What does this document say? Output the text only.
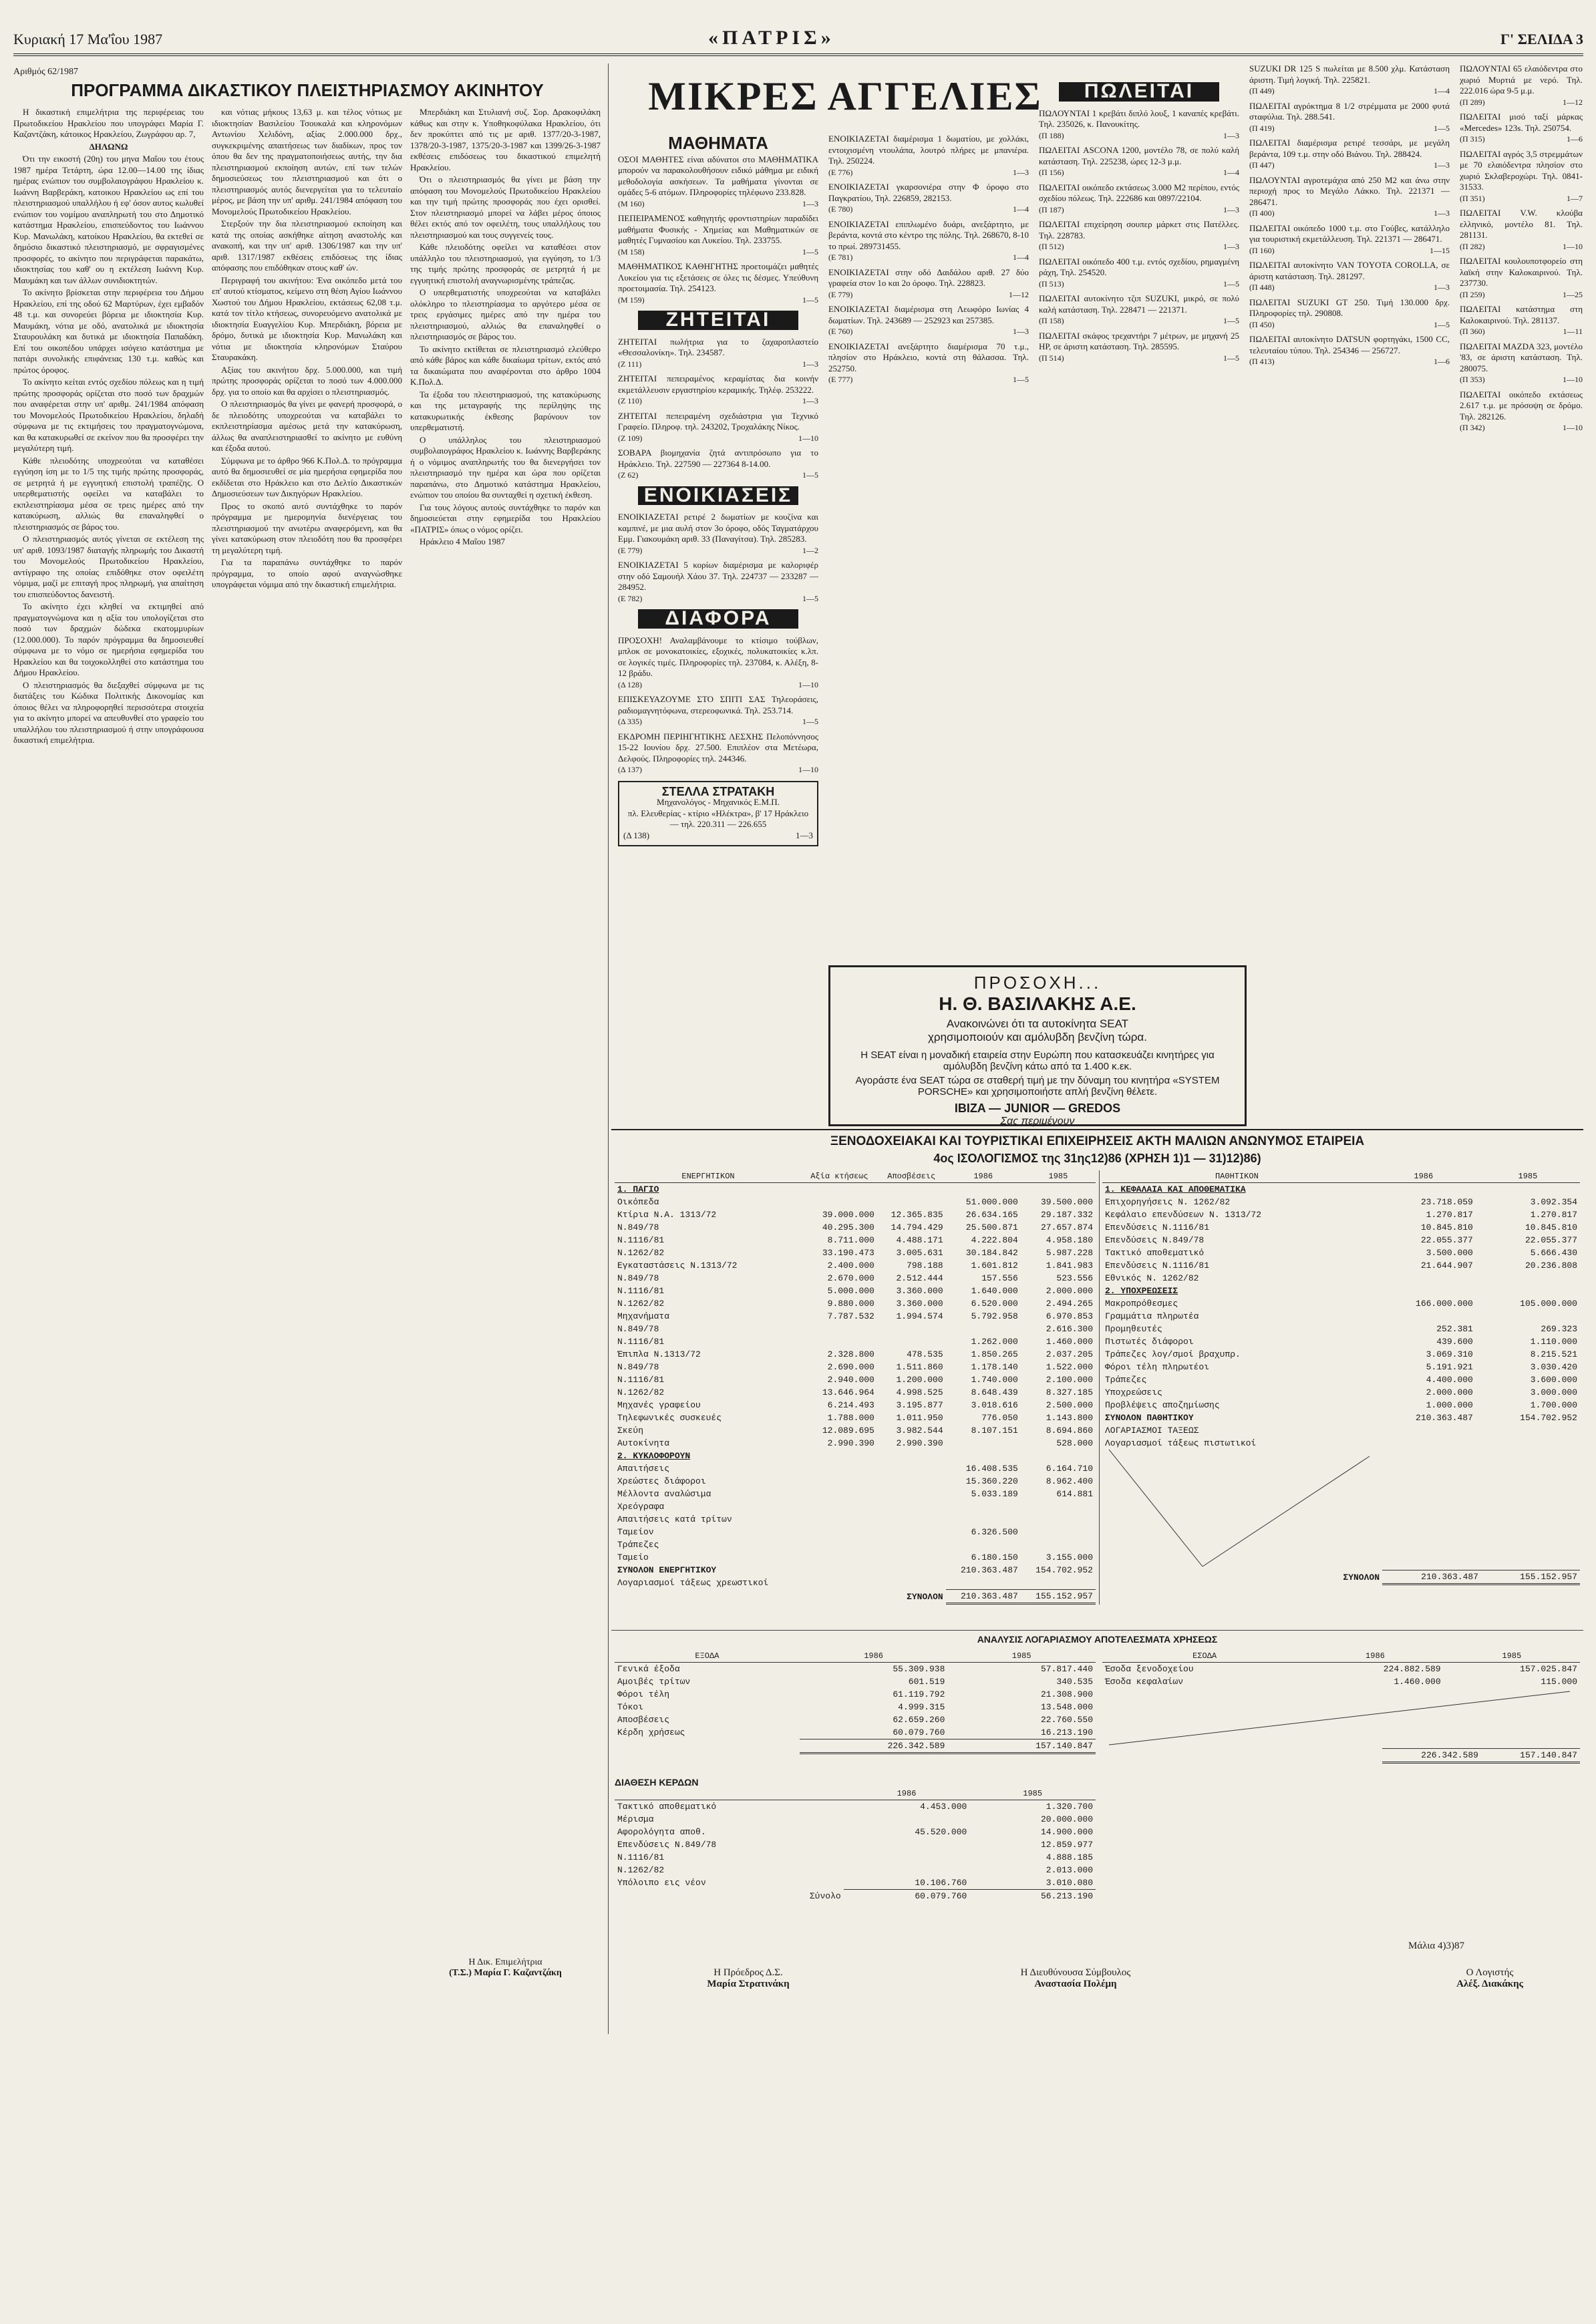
Κυριακή 17 Μα'ΐου 1987	«ΠΑΤΡΙΣ»	Γ' ΣΕΛΙΔΑ 3
Αριθμός 62/1987
ΠΡΟΓΡΑΜΜΑ ΔΙΚΑΣΤΙΚΟΥ ΠΛΕΙΣΤΗΡΙΑΣΜΟΥ ΑΚΙΝΗΤΟΥ

Η δικαστική επιμελήτρια της περιφέρειας του Πρωτοδικείου Ηρακλείου που υπογράφει Μαρία Γ. Καζαντζάκη, κάτοικος Ηρακλείου, Ζωγράφου αρ. 7,

ΔΗΛΩΝΩ

Ότι την εικοστή (20η) του μηνα Μαΐου του έτους 1987 ημέρα Τετάρτη, ώρα 12.00—14.00 της ίδιας ημέρας ενώπιον του συμβολαιογράφου Ηρακλείου κ. Ιωάννη Βαρβεράκη, κατοικου Ηρακλείου ως επί του πλειστηριασμού υπαλλήλου ή εφ' όσον αυτος κωλυθεί ενώπιον του νομίμου αναπληρωτή του στο Δημοτικό κατάστημα Ηρακλείου, επισπεύδοντος του Ιωάννου Κυρ. Μανωλάκη, κατοίκου Ηρακλείου, θα εκτεθεί σε δημόσιο δικαστικό πλειστηριασμό, με σφραγισμένες προσφορές, το ακίνητο που περιγράφεται παρακάτω, ιδιοκτησίας του καθ' ου η εκτέλεση Ιωάννη Κυρ. Μαυμάκη και των άλλων συνιδιοκτητών.

Το ακίνητο βρίσκεται στην περιφέρεια του Δήμου Ηρακλείου, επί της οδού 62 Μαρτύρων, έχει εμβαδόν 48 τ.μ. και συνορεύει βόρεια με ιδιοκτησία Κυρ. Μαυμάκη, νότια με οδό, ανατολικά με ιδιοκτησία Σταυρουλάκη και δυτικά με ιδιοκτησία Παπαδάκη. Επί του οικοπέδου υπάρχει ισόγειο κατάστημα με πατάρι συνολικής επιφάνειας 130 τ.μ. καθώς και πρώτος όροφος.

Το ακίνητο κείται εντός σχεδίου πόλεως και η τιμή πρώτης προσφοράς ορίζεται στο ποσό των δραχμών που αναφέρεται στην υπ' αριθμ. 241/1984 απόφαση του Μονομελούς Πρωτοδικείου Ηρακλείου, δηλαδή σύμφωνα με τις εκτιμήσεις του πραγματογνώμονα, και θα κατακυρωθεί σε εκείνον που θα προσφέρει την μεγαλύτερη τιμή.

Κάθε πλειοδότης υποχρεούται να καταθέσει εγγύηση ίση με το 1/5 της τιμής πρώτης προσφοράς, σε μετρητά ή με εγγυητική επιστολή τραπέζης. Ο υπερθεματιστής οφείλει να καταβάλει το εκπλειστηρίασμα μέσα σε τρεις ημέρες από την κατακύρωση, αλλιώς θα επαναληφθεί ο πλειστηριασμός σε βάρος του.

Ο πλειστηριασμός αυτός γίνεται σε εκτέλεση της υπ' αριθ. 1093/1987 διαταγής πληρωμής του Δικαστή του Μονομελούς Πρωτοδικείου Ηρακλείου, αντίγραφο της οποίας επιδόθηκε στον οφειλέτη νόμιμα, μαζί με επιταγή προς πληρωμή, για απαίτηση του επισπεύδοντος δανειστή.

Το ακίνητο έχει κληθεί να εκτιμηθεί από πραγματογνώμονα και η αξία του υπολογίζεται στο ποσό των δραχμών δώδεκα εκατομμυρίων (12.000.000). Το παρόν πρόγραμμα θα δημοσιευθεί σύμφωνα με το νόμο σε ημερήσια εφημερίδα του Ηρακλείου και θα τοιχοκολληθεί στο κατάστημα του Δήμου Ηρακλείου.

Ο πλειστηριασμός θα διεξαχθεί σύμφωνα με τις διατάξεις του Κώδικα Πολιτικής Δικονομίας και όποιος θέλει να πληροφορηθεί περισσότερα στοιχεία για το ακίνητο μπορεί να απευθυνθεί στο γραφείο του υπαλλήλου του πλειστηριασμού ή στην υπογράφουσα δικαστική επιμελήτρια.

και νότιας μήκους 13,63 μ. και τέλος νότιως με ιδιοκτησίαν Βασιλείου Τσουκαλά και κληρονόμων Αντωνίου Χελιδόνη, αξίας 2.000.000 δρχ., συγκεκριμένης απαιτήσεως των διαδίκων, προς τον όπου θα δεν της πραγματοποιήσεως αυτής, την δια πλειστηριασμού εκποίηση αυτών, επί των τελών δημοσιεύσεως του πλειστηριασμού και ότι ο πλειστηριασμός αυτός διενεργείται για το τελευταίο μέρος, με βάση την υπ' αριθμ. 241/1984 απόφαση του Μονομελούς Πρωτοδικείου Ηρακλείου.

Στερξούν την δια πλειστηριασμού εκποίηση και κατά της οποίας ασκήθηκε αίτηση αναστολής και ανακοπή, και την υπ' αριθ. 1306/1987 και την υπ' αριθ. 1317/1987 εκθέσεις επιδόσεως της ίδιας απόφασης που επιδόθηκαν στους καθ' ών.

Περιγραφή του ακινήτου: Ένα οικόπεδο μετά του επ' αυτού κτίσματος, κείμενο στη θέση Αγίου Ιωάννου Χωστού του Δήμου Ηρακλείου, εκτάσεως 62,08 τ.μ. κατά τον τίτλο κτήσεως, συνορευόμενο ανατολικά με ιδιοκτησία Ευαγγελίου Κυρ. Μπερδιάκη, βόρεια με δρόμο, δυτικά με ιδιοκτησία Κυρ. Μανωλάκη και νότια με ιδιοκτησία κληρονόμων Σταύρου Σταυρακάκη.

Αξίας του ακινήτου δρχ. 5.000.000, και τιμή πρώτης προσφοράς ορίζεται το ποσό των 4.000.000 δρχ. για το οποίο και θα αρχίσει ο πλειστηριασμός.

Ο πλειστηριασμός θα γίνει με φανερή προσφορά, ο δε πλειοδότης υποχρεούται να καταβάλει το εκπλειστηρίασμα αμέσως μετά την κατακύρωση, άλλως θα αναπλειστηριασθεί το ακίνητο με ευθύνη και έξοδα αυτού.

Σύμφωνα με το άρθρο 966 Κ.Πολ.Δ. το πρόγραμμα αυτό θα δημοσιευθεί σε μία ημερήσια εφημερίδα που εκδίδεται στο Ηράκλειο και στο Δελτίο Δικαστικών Δημοσιεύσεων των Δικηγόρων Ηρακλείου.

Προς το σκοπό αυτό συντάχθηκε το παρόν πρόγραμμα με ημερομηνία διενέργειας του πλειστηριασμού την ανωτέρω αναφερόμενη, και θα γίνει κατακύρωση στον πλειοδότη που θα προσφέρει τη μεγαλύτερη τιμή.

Για τα παραπάνω συντάχθηκε το παρόν πρόγραμμα, το οποίο αφού αναγνώσθηκε υπογράφεται νόμιμα από την δικαστική επιμελήτρια.

Μπερδιάκη και Στυλιανή συζ. Σορ. Δρακοφιλάκη κάθως και στην κ. Υποθηκοφύλακα Ηρακλείου, ότι δεν προκύπτει από τις με αριθ. 1377/20-3-1987, 1378/20-3-1987, 1375/20-3-1987 και 1399/26-3-1987 εκθέσεις επιδόσεως του δικαστικού επιμελητή Ηρακλείου.

Ότι ο πλειστηριασμός θα γίνει με βάση την απόφαση του Μονομελούς Πρωτοδικείου Ηρακλείου και την τιμή πρώτης προσφοράς που έχει ορισθεί. Στον πλειστηριασμό μπορεί να λάβει μέρος όποιος θέλει εκτός από τον οφειλέτη, τους υπαλλήλους του πλειστηριασμού και τους συγγενείς τους.

Κάθε πλειοδότης οφείλει να καταθέσει στον υπάλληλο του πλειστηριασμού, για εγγύηση, το 1/3 της τιμής πρώτης προσφοράς σε μετρητά ή με εγγυητική επιστολή αναγνωρισμένης τράπεζας.

Ο υπερθεματιστής υποχρεούται να καταβάλει ολόκληρο το πλειστηρίασμα το αργότερο μέσα σε τρεις εργάσιμες ημέρες από την ημέρα του πλειστηριασμού, αλλιώς θα επαναληφθεί ο πλειστηριασμός σε βάρος του.

Το ακίνητο εκτίθεται σε πλειστηριασμό ελεύθερο από κάθε βάρος και κάθε δικαίωμα τρίτων, εκτός από τα δικαιώματα που αναφέρονται στο άρθρο 1004 Κ.Πολ.Δ.

Τα έξοδα του πλειστηριασμού, της κατακύρωσης και της μεταγραφής της περίληψης της κατακυρωτικής έκθεσης βαρύνουν τον υπερθεματιστή.

Ο υπάλληλος του πλειστηριασμού συμβολαιογράφος Ηρακλείου κ. Ιωάννης Βαρβεράκης ή ο νόμιμος αναπληρωτής του θα διενεργήσει τον πλειστηριασμό την ημέρα και ώρα που ορίζεται παραπάνω, στο Δημοτικό κατάστημα Ηρακλείου, ενώπιον του οποίου θα συνταχθεί η σχετική έκθεση.

Για τους λόγους αυτούς συντάχθηκε το παρόν και δημοσιεύεται στην εφημερίδα του Ηρακλείου «ΠΑΤΡΙΣ» όπως ο νόμος ορίζει.

Ηράκλειο 4 Μαΐου 1987

Η Δικ. Επιμελήτρια
(Τ.Σ.) Μαρία Γ. Καζαντζάκη
ΜΙΚΡΕΣ ΑΓΓΕΛΙΕΣ
ΜΑΘΗΜΑΤΑ
ΟΣΟΙ ΜΑΘΗΤΕΣ είναι αδύνατοι στο ΜΑΘΗΜΑΤΙΚΑ μπορούν να παρακολουθήσουν ειδικό μάθημα με ειδική μεθοδολογία ασκήσεων. Τα μαθήματα γίνονται σε ομάδες 5-6 ατόμων. Πληροφορίες τηλέφωνο 233.828.
(Μ 160)	1—3
ΠΕΠΕΙΡΑΜΕΝΟΣ καθηγητής φροντιστηρίων παραδίδει μαθήματα Φυσικής - Χημείας και Μαθηματικών σε μαθητές Γυμνασίου και Λυκείου. Τηλ. 233755.
(Μ 158)	1—5
ΜΑΘΗΜΑΤΙΚΟΣ ΚΑΘΗΓΗΤΗΣ προετοιμάζει μαθητές Λυκείου για τις εξετάσεις σε όλες τις δέσμες. Υπεύθυνη προετοιμασία. Τηλ. 254123.
(Μ 159)	1—5
ΖΗΤΕΙΤΑΙ
ΖΗΤΕΙΤΑΙ πωλήτρια για το ζαχαροπλαστείο «Θεσσαλονίκη». Τηλ. 234587.
(Ζ 111)	1—3
ΖΗΤΕΙΤΑΙ πεπειραμένος κεραμίστας δια κοινήν εκμετάλλευσιν εργαστηρίου κεραμικής. Τηλέφ. 253222.
(Ζ 110)	1—3
ΖΗΤΕΙΤΑΙ πεπειραμένη σχεδιάστρια για Τεχνικό Γραφείο. Πληροφ. τηλ. 243202, Τροχαλάκης Νίκος.
(Ζ 109)	1—10
ΣΟΒΑΡΑ βιομηχανία ζητά αντιπρόσωπο για το Ηράκλειο. Τηλ. 227590 — 227364 8-14.00.
(Ζ 62)	1—5
ΕΝΟΙΚΙΑΣΕΙΣ
ΕΝΟΙΚΙΑΖΕΤΑΙ ρετιρέ 2 δωματίων με κουζίνα και καμπινέ, με μια αυλή στον 3ο όροφο, οδός Ταγματάρχου Εμμ. Γιακουμάκη αριθ. 33 (Παναγίτσα). Τηλ. 285283.
(Ε 779)	1—2
ΕΝΟΙΚΙΑΖΕΤΑΙ 5 κορίων διαμέρισμα με καλοριφέρ στην οδό Σαμουήλ Χάου 37. Τηλ. 224737 — 233287 — 284952.
(Ε 782)	1—5
ΔΙΑΦΟΡΑ
ΠΡΟΣΟΧΗ! Αναλαμβάνουμε το κτίσιμο τούβλων, μπλοκ σε μονοκατοικίες, εξοχικές, πολυκατοικίες κ.λπ. σε λογικές τιμές. Πληροφορίες τηλ. 237084, κ. Αλέξη, 8-12 βράδυ.
(Δ 128)	1—10
ΕΠΙΣΚΕΥΑΖΟΥΜΕ ΣΤΟ ΣΠΙΤΙ ΣΑΣ Τηλεοράσεις, ραδιομαγνητόφωνα, στερεοφωνικά. Τηλ. 253.714.
(Δ 335)	1—5
ΕΚΔΡΟΜΗ ΠΕΡΙΗΓΗΤΙΚΗΣ ΛΕΣΧΗΣ Πελοπόννησος 15-22 Ιουνίου δρχ. 27.500. Επιπλέον στα Μετέωρα, Δελφούς. Πληροφορίες τηλ. 244346.
(Δ 137)	1—10
ΣΤΕΛΛΑ ΣΤΡΑΤΑΚΗ
Μηχανολόγος - Μηχανικός Ε.Μ.Π.
πλ. Ελευθερίας - κτίριο «Ηλέκτρα», β' 17 Ηράκλειο — τηλ. 220.311 — 226.655
(Δ 138)	1—3
ΕΝΟΙΚΙΑΖΕΤΑΙ διαμέρισμα 1 δωματίου, με χολλάκι, εντοιχισμένη ντουλάπα, λουτρό πλήρες με μπανιέρα. Τηλ. 250224.
(Ε 776)	1—3
ΕΝΟΙΚΙΑΖΕΤΑΙ γκαρσονιέρα στην Φ όροφο στο Παγκρατίου, Τηλ. 226859, 282153.
(Ε 780)	1—4
ΕΝΟΙΚΙΑΖΕΤΑΙ επιπλωμένο δυάρι, ανεξάρτητο, με βεράντα, κοντά στο κέντρο της πόλης. Τηλ. 268670, 8-10 το πρωί. 289731455.
(Ε 781)	1—4
ΕΝΟΙΚΙΑΖΕΤΑΙ στην οδό Δαιδάλου αριθ. 27 δύο γραφεία στον 1ο και 2ο όροφο. Τηλ. 228823.
(Ε 779)	1—12
ΕΝΟΙΚΙΑΖΕΤΑΙ διαμέρισμα στη Λεωφόρο Ιωνίας 4 δωματίων. Τηλ. 243689 — 252923 και 257385.
(Ε 760)	1—3
ΕΝΟΙΚΙΑΖΕΤΑΙ ανεξάρτητο διαμέρισμα 70 τ.μ., πλησίον στο Ηράκλειο, κοντά στη θάλασσα. Τηλ. 252750.
(Ε 777)	1—5
ΠΩΛΕΙΤΑΙ
ΠΩΛΟΥΝΤΑΙ 1 κρεβάτι διπλό λουξ, 1 καναπές κρεβάτι. Τηλ. 235026, κ. Πανουκίτης.
(Π 188)	1—3
ΠΩΛΕΙΤΑΙ ASCONA 1200, μοντέλο 78, σε πολύ καλή κατάσταση. Τηλ. 225238, ώρες 12-3 μ.μ.
(Π 156)	1—4
ΠΩΛΕΙΤΑΙ οικόπεδο εκτάσεως 3.000 Μ2 περίπου, εντός σχεδίου πόλεως. Τηλ. 222686 και 0897/22104.
(Π 187)	1—3
ΠΩΛΕΙΤΑΙ επιχείρηση σουπερ μάρκετ στις Πατέλλες. Τηλ. 228783.
(Π 512)	1—3
ΠΩΛΕΙΤΑΙ οικόπεδο 400 τ.μ. εντός σχεδίου, ρημαγμένη ράχη, Τηλ. 254520.
(Π 513)	1—5
ΠΩΛΕΙΤΑΙ αυτοκίνητο τζιπ SUZUKI, μικρό, σε πολύ καλή κατάσταση. Τηλ. 228471 — 221371.
(Π 158)	1—5
ΠΩΛΕΙΤΑΙ σκάφος τρεχαντήρι 7 μέτρων, με μηχανή 25 HP, σε άριστη κατάσταση. Τηλ. 285595.
(Π 514)	1—5
SUZUKI DR 125 S πωλείται με 8.500 χλμ. Κατάσταση άριστη. Τιμή λογική. Τηλ. 225821.
(Π 449)	1—4
ΠΩΛΕΙΤΑΙ αγρόκτημα 8 1/2 στρέμματα με 2000 φυτά σταφύλια. Τηλ. 288.541.
(Π 419)	1—5
ΠΩΛΕΙΤΑΙ διαμέρισμα ρετιρέ τεσσάρι, με μεγάλη βεράντα, 109 τ.μ. στην οδό Βιάνου. Τηλ. 288424.
(Π 447)	1—3
ΠΩΛΟΥΝΤΑΙ αγροτεμάχια από 250 Μ2 και άνω στην περιοχή προς το Μεγάλο Λάκκο. Τηλ. 221371 — 286471.
(Π 400)	1—3
ΠΩΛΕΙΤΑΙ οικόπεδο 1000 τ.μ. στο Γούβες, κατάλληλο για τουριστική εκμετάλλευση. Τηλ. 221371 — 286471.
(Π 160)	1—15
ΠΩΛΕΙΤΑΙ αυτοκίνητο VAN TOYOTA COROLLA, σε άριστη κατάσταση. Τηλ. 281297.
(Π 448)	1—3
ΠΩΛΕΙΤΑΙ SUZUKI GT 250. Τιμή 130.000 δρχ. Πληροφορίες τηλ. 290808.
(Π 450)	1—5
ΠΩΛΕΙΤΑΙ αυτοκίνητο DATSUN φορτηγάκι, 1500 CC, τελευταίου τύπου. Τηλ. 254346 — 256727.
(Π 413)	1—6
ΠΩΛΟΥΝΤΑΙ 65 ελαιόδεντρα στο χωριό Μυρτιά με νερό. Τηλ. 222.016 ώρα 9-5 μ.μ.
(Π 289)	1—12
ΠΩΛΕΙΤΑΙ μισό ταξί μάρκας «Mercedes» 123s. Τηλ. 250754.
(Π 315)	1—6
ΠΩΛΕΙΤΑΙ αγρός 3,5 στρεμμάτων με 70 ελαιόδεντρα πλησίον στο χωριό Σκλαβεροχώρι. Τηλ. 0841-31533.
(Π 351)	1—7
ΠΩΛΕΙΤΑΙ V.W. κλούβα ελληνικό, μοντέλο 81. Τηλ. 281131.
(Π 282)	1—10
ΠΩΛΕΙΤΑΙ κουλουποτφορείο στη λαϊκή στην Καλοκαιρινού. Τηλ. 237730.
(Π 259)	1—25
ΠΩΛΕΙΤΑΙ κατάστημα στη Καλοκαιρινού. Τηλ. 281137.
(Π 360)	1—11
ΠΩΛΕΙΤΑΙ MAZDA 323, μοντέλο '83, σε άριστη κατάσταση. Τηλ. 280075.
(Π 353)	1—10
ΠΩΛΕΙΤΑΙ οικόπεδο εκτάσεως 2.617 τ.μ. με πρόσοψη σε δρόμο. Τηλ. 282126.
(Π 342)	1—10
ΠΡΟΣΟΧΗ...
Η. Θ. ΒΑΣΙΛΑΚΗΣ Α.Ε.
Ανακοινώνει ότι τα αυτοκίνητα SEAT
χρησιμοποιούν και αμόλυβδη βενζίνη τώρα.
Η SEAT είναι η μοναδική εταιρεία στην Ευρώπη που κατασκευάζει κινητήρες για αμόλυβδη βενζίνη κάτω από τα 1.400 κ.εκ.
Αγοράστε ένα SEAT τώρα σε σταθερή τιμή με την δύναμη του κινητήρα «SYSTEM PORSCHE» και χρησιμοποιήστε απλή βενζίνη θέλετε.
IBIZA — JUNIOR — GREDOS
Σας περιμένουν
ΞΕΝΟΔΟΧΕΙΑΚΑΙ ΚΑΙ ΤΟΥΡΙΣΤΙΚΑΙ ΕΠΙΧΕΙΡΗΣΕΙΣ ΑΚΤΗ ΜΑΛΙΩΝ ΑΝΩΝΥΜΟΣ ΕΤΑΙΡΕΙΑ
4ος ΙΣΟΛΟΓΙΣΜΟΣ της 31ης12)86 (ΧΡΗΣΗ 1)1 — 31)12)86)
ΕΝΕΡΓΗΤΙΚΟΝ	Αξία κτήσεως	Αποσβέσεις	1986	1985
1. ΠΑΓΙΟ				
Οικόπεδα			51.000.000	39.500.000
Κτίρια Ν.Α. 1313/72	39.000.000	12.365.835	26.634.165	29.187.332
Ν.849/78	40.295.300	14.794.429	25.500.871	27.657.874
Ν.1116/81	8.711.000	4.488.171	4.222.804	4.958.180
Ν.1262/82	33.190.473	3.005.631	30.184.842	5.987.228
Εγκαταστάσεις Ν.1313/72	2.400.000	798.188	1.601.812	1.841.983
Ν.849/78	2.670.000	2.512.444	157.556	523.556
Ν.1116/81	5.000.000	3.360.000	1.640.000	2.000.000
Ν.1262/82	9.880.000	3.360.000	6.520.000	2.494.265
Μηχανήματα	7.787.532	1.994.574	5.792.958	6.970.853
Ν.849/78				2.616.300
Ν.1116/81			1.262.000	1.460.000
Έπιπλα Ν.1313/72	2.328.800	478.535	1.850.265	2.037.205
Ν.849/78	2.690.000	1.511.860	1.178.140	1.522.000
Ν.1116/81	2.940.000	1.200.000	1.740.000	2.100.000
Ν.1262/82	13.646.964	4.998.525	8.648.439	8.327.185
Μηχανές γραφείου	6.214.493	3.195.877	3.018.616	2.500.000
Τηλεφωνικές συσκευές	1.788.000	1.011.950	776.050	1.143.800
Σκεύη	12.089.695	3.982.544	8.107.151	8.694.860
Αυτοκίνητα	2.990.390	2.990.390		528.000
2. ΚΥΚΛΟΦΟΡΟΥΝ				
Απαιτήσεις			16.408.535	6.164.710
Χρεώστες διάφοροι			15.360.220	8.962.400
Μέλλοντα αναλώσιμα			5.033.189	614.881
Χρεόγραφα				
Απαιτήσεις κατά τρίτων				
Ταμείον			6.326.500	
Τράπεζες				
Ταμείο			6.180.150	3.155.000
ΣΥΝΟΛΟΝ ΕΝΕΡΓΗΤΙΚΟΥ			210.363.487	154.702.952
Λογαριασμοί τάξεως χρεωστικοί				
ΣΥΝΟΛΟΝ			210.363.487	155.152.957
ΠΑΘΗΤΙΚΟΝ	1986	1985
1. ΚΕΦΑΛΑΙΑ ΚΑΙ ΑΠΟΘΕΜΑΤΙΚΑ		
Επιχορηγήσεις Ν. 1262/82	23.718.059	3.092.354
Κεφάλαιο επενδύσεων Ν. 1313/72	1.270.817	1.270.817
Επενδύσεις Ν.1116/81	10.845.810	10.845.810
Επενδύσεις Ν.849/78	22.055.377	22.055.377
Τακτικό αποθεματικό	3.500.000	5.666.430
Επενδύσεις Ν.1116/81	21.644.907	20.236.808
Εθνικός Ν. 1262/82		
2. ΥΠΟΧΡΕΩΣΕΙΣ		
Μακροπρόθεσμες	166.000.000	105.000.000
Γραμμάτια πληρωτέα		
Προμηθευτές	252.381	269.323
Πιστωτές διάφοροι	439.600	1.110.000
Τράπεζες λογ/σμοί βραχυπρ.	3.069.310	8.215.521
Φόροι τέλη πληρωτέοι	5.191.921	3.030.420
Τράπεζες	4.400.000	3.600.000
Υποχρεώσεις	2.000.000	3.000.000
Προβλέψεις αποζημίωσης	1.000.000	1.700.000
ΣΥΝΟΛΟΝ ΠΑΘΗΤΙΚΟΥ	210.363.487	154.702.952
ΛΟΓΑΡΙΑΣΜΟΙ ΤΑΞΕΩΣ		
Λογαριασμοί τάξεως πιστωτικοί		
ΣΥΝΟΛΟΝ	210.363.487	155.152.957
ΑΝΑΛΥΣΙΣ ΛΟΓΑΡΙΑΣΜΟΥ ΑΠΟΤΕΛΕΣΜΑΤΑ ΧΡΗΣΕΩΣ
ΕΞΟΔΑ	1986	1985
Γενικά έξοδα	55.309.938	57.817.440
Αμοιβές τρίτων	601.519	340.535
Φόροι τέλη	61.119.792	21.308.900
Τόκοι	4.999.315	13.548.000
Αποσβέσεις	62.659.260	22.760.550
Κέρδη χρήσεως	60.079.760	16.213.190
	226.342.589	157.140.847
ΕΣΟΔΑ	1986	1985
Έσοδα ξενοδοχείου	224.882.589	157.025.847
Έσοδα κεφαλαίων	1.460.000	115.000
	226.342.589	157.140.847
ΔΙΑΘΕΣΗ ΚΕΡΔΩΝ
	1986	1985
Τακτικό αποθεματικό	4.453.000	1.320.700
Μέρισμα		20.000.000
Αφορολόγητα αποθ.	45.520.000	14.900.000
Επενδύσεις Ν.849/78		12.859.977
Ν.1116/81		4.888.185
Ν.1262/82		2.013.000
Υπόλοιπο εις νέον	10.106.760	3.010.080
Σύνολο	60.079.760	56.213.190
Μάλια 4)3)87
Η Πρόεδρος Δ.Σ.
Μαρία Στρατινάκη
Η Διευθύνουσα Σύμβουλος
Αναστασία Πολέμη
Ο Λογιστής
Αλέξ. Διακάκης
